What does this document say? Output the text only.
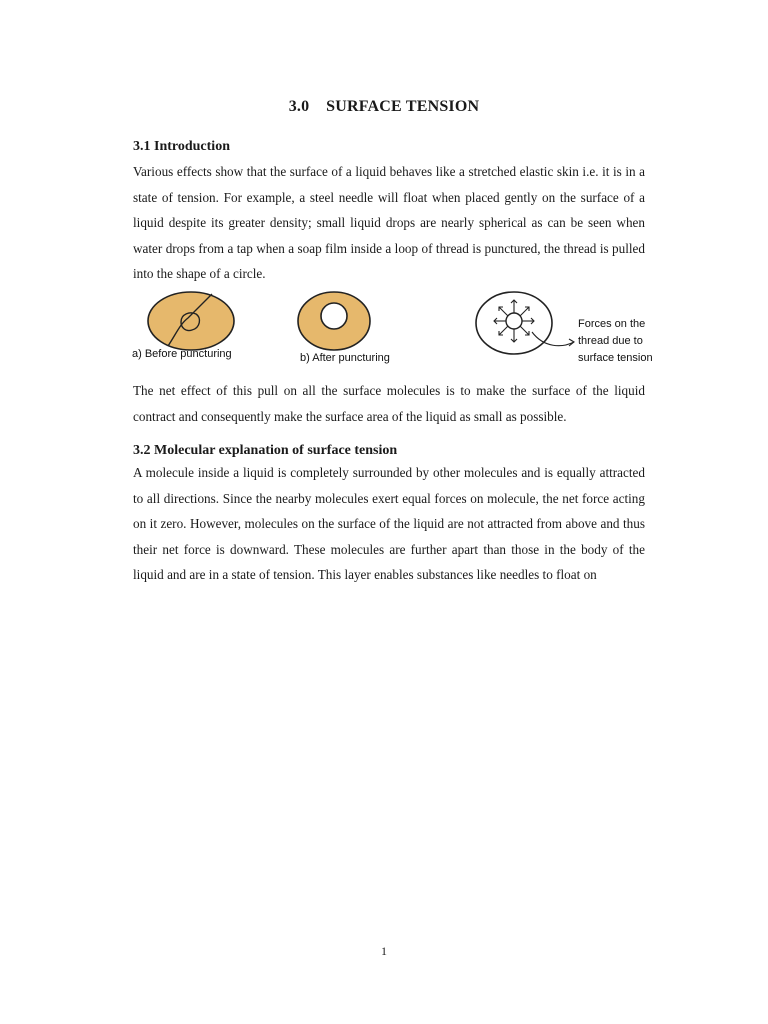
3.0    SURFACE TENSION
3.1 Introduction
Various effects show that the surface of a liquid behaves like a stretched elastic skin i.e. it is in a state of tension. For example, a steel needle will float when placed gently on the surface of a liquid despite its greater density; small liquid drops are nearly spherical as can be seen when water drops from a tap when a soap film inside a loop of thread is punctured, the thread is pulled into the shape of a circle.
a) Before puncturing	b) After puncturing
Forces on the thread due to surface tension
The net effect of this pull on all the surface molecules is to make the surface of the liquid contract and consequently make the surface area of the liquid as small as possible.
3.2 Molecular explanation of surface tension
A molecule inside a liquid is completely surrounded by other molecules and is equally attracted to all directions. Since the nearby molecules exert equal forces on molecule, the net force acting on it zero. However, molecules on the surface of the liquid are not attracted from above and thus their net force is downward. These molecules are further apart than those in the body of the liquid and are in a state of tension. This layer enables substances like needles to float on
1
